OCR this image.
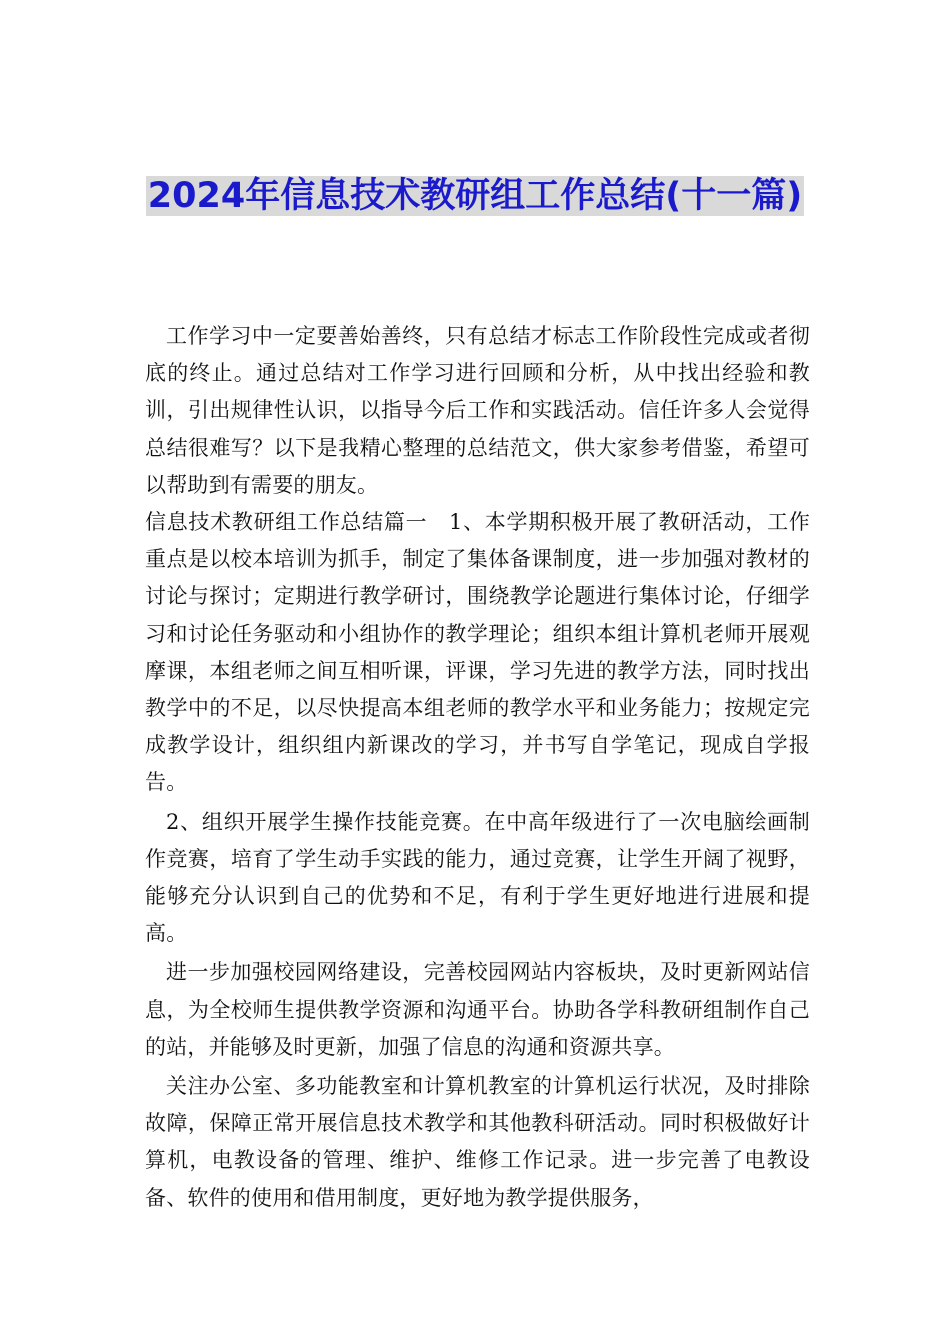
2024年信息技术教研组工作总结(十一篇)

工作学习中一定要善始善终，只有总结才标志工作阶段性完成或者彻底的终止。通过总结对工作学习进行回顾和分析，从中找出经验和教训，引出规律性认识，以指导今后工作和实践活动。信任许多人会觉得总结很难写？以下是我精心整理的总结范文，供大家参考借鉴，希望可以帮助到有需要的朋友。

信息技术教研组工作总结篇一　1、本学期积极开展了教研活动，工作重点是以校本培训为抓手，制定了集体备课制度，进一步加强对教材的讨论与探讨；定期进行教学研讨，围绕教学论题进行集体讨论，仔细学习和讨论任务驱动和小组协作的教学理论；组织本组计算机老师开展观摩课，本组老师之间互相听课，评课，学习先进的教学方法，同时找出教学中的不足，以尽快提高本组老师的教学水平和业务能力；按规定完成教学设计，组织组内新课改的学习，并书写自学笔记，现成自学报告。

2、组织开展学生操作技能竞赛。在中高年级进行了一次电脑绘画制作竞赛，培育了学生动手实践的能力，通过竞赛，让学生开阔了视野，能够充分认识到自己的优势和不足，有利于学生更好地进行进展和提高。

进一步加强校园网络建设，完善校园网站内容板块，及时更新网站信息，为全校师生提供教学资源和沟通平台。协助各学科教研组制作自己的站，并能够及时更新，加强了信息的沟通和资源共享。

关注办公室、多功能教室和计算机教室的计算机运行状况，及时排除故障，保障正常开展信息技术教学和其他教科研活动。同时积极做好计算机，电教设备的管理、维护、维修工作记录。进一步完善了电教设备、软件的使用和借用制度，更好地为教学提供服务，
